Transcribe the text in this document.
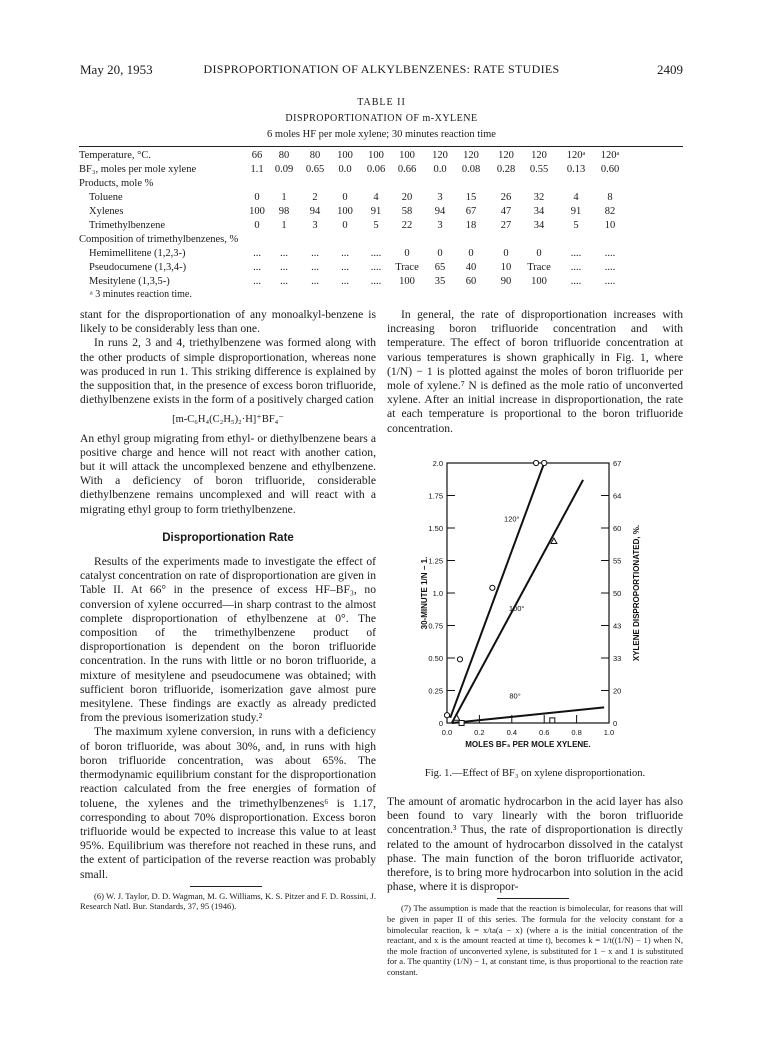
May 20, 1953	DISPROPORTIONATION OF ALKYLBENZENES: RATE STUDIES	2409
TABLE II
DISPROPORTIONATION OF m-XYLENE
6 moles HF per mole xylene; 30 minutes reaction time
Temperature, °C.	66	80	80	100	100	100	120	120	120	120	120ᵃ	120ᵃ
BF₃, moles per mole xylene	1.1	0.09	0.65	0.0	0.06	0.66	0.0	0.08	0.28	0.55	0.13	0.60
Products, mole %
Toluene	0	1	2	0	4	20	3	15	26	32	4	8
Xylenes	100	98	94	100	91	58	94	67	47	34	91	82
Trimethylbenzene	0	1	3	0	5	22	3	18	27	34	5	10
Composition of trimethylbenzenes, %
Hemimellitene (1,2,3-)	...	...	...	...	....	0	0	0	0	0	....	....
Pseudocumene (1,3,4-)	...	...	...	...	....	Trace	65	40	10	Trace	....	....
Mesitylene (1,3,5-)	...	...	...	...	....	100	35	60	90	100	....	....
ᵃ 3 minutes reaction time.

stant for the disproportionation of any monoalkyl-benzene is likely to be considerably less than one.

In runs 2, 3 and 4, triethylbenzene was formed along with the other products of simple disproportionation, whereas none was produced in run 1. This striking difference is explained by the supposition that, in the presence of excess boron trifluoride, diethylbenzene exists in the form of a positively charged cation

[m-C₆H₄(C₂H₅)₂·H]⁺BF₄⁻

An ethyl group migrating from ethyl- or diethylbenzene bears a positive charge and hence will not react with another cation, but it will attack the uncomplexed benzene and ethylbenzene. With a deficiency of boron trifluoride, considerable diethylbenzene remains uncomplexed and will react with a migrating ethyl group to form triethylbenzene.

Disproportionation Rate

Results of the experiments made to investigate the effect of catalyst concentration on rate of disproportionation are given in Table II. At 66° in the presence of excess HF–BF₃, no conversion of xylene occurred—in sharp contrast to the almost complete disproportionation of ethylbenzene at 0°. The composition of the trimethylbenzene product of disproportionation is dependent on the boron trifluoride concentration. In the runs with little or no boron trifluoride, a mixture of mesitylene and pseudocumene was obtained; with sufficient boron trifluoride, isomerization gave almost pure mesitylene. These findings are exactly as already predicted from the previous isomerization study.²

The maximum xylene conversion, in runs with a deficiency of boron trifluoride, was about 30%, and, in runs with high boron trifluoride concentration, was about 65%. The thermodynamic equilibrium constant for the disproportionation reaction calculated from the free energies of formation of toluene, the xylenes and the trimethylbenzenes⁶ is 1.17, corresponding to about 70% disproportionation. Excess boron trifluoride would be expected to increase this value to at least 95%. Equilibrium was therefore not reached in these runs, and the extent of participation of the reverse reaction was probably small.

(6) W. J. Taylor, D. D. Wagman, M. G. Williams, K. S. Pitzer and F. D. Rossini, J. Research Natl. Bur. Standards, 37, 95 (1946).

In general, the rate of disproportionation increases with increasing boron trifluoride concentration and with temperature. The effect of boron trifluoride concentration at various temperatures is shown graphically in Fig. 1, where (1/N) − 1 is plotted against the moles of boron trifluoride per mole of xylene.⁷ N is defined as the mole ratio of unconverted xylene. After an initial increase in disproportionation, the rate at each temperature is proportional to the boron trifluoride concentration.

0.0	0.2	0.4	0.6	0.8	1.0
0
0.25
0.50
0.75
1.0
1.25
1.50
1.75
2.0
0
20
33
43
50
55
60
64
67
MOLES BF₃ PER MOLE XYLENE.
30-MINUTE 1/N − 1.	XYLENE DISPROPORTIONATED, %.
120°
100°
80°
Fig. 1.—Effect of BF₃ on xylene disproportionation.

The amount of aromatic hydrocarbon in the acid layer has also been found to vary linearly with the boron trifluoride concentration.³ Thus, the rate of disproportionation is directly related to the amount of hydrocarbon dissolved in the catalyst phase. The main function of the boron trifluoride activator, therefore, is to bring more hydrocarbon into solution in the acid phase, where it is dispropor-

(7) The assumption is made that the reaction is bimolecular, for reasons that will be given in paper II of this series. The formula for the velocity constant for a bimolecular reaction, k = x/ta(a − x) (where a is the initial concentration of the reactant, and x is the amount reacted at time t), becomes k = 1/t((1/N) − 1) when N, the mole fraction of unconverted xylene, is substituted for 1 − x and 1 is substituted for a. The quantity (1/N) − 1, at constant time, is thus proportional to the reaction rate constant.
